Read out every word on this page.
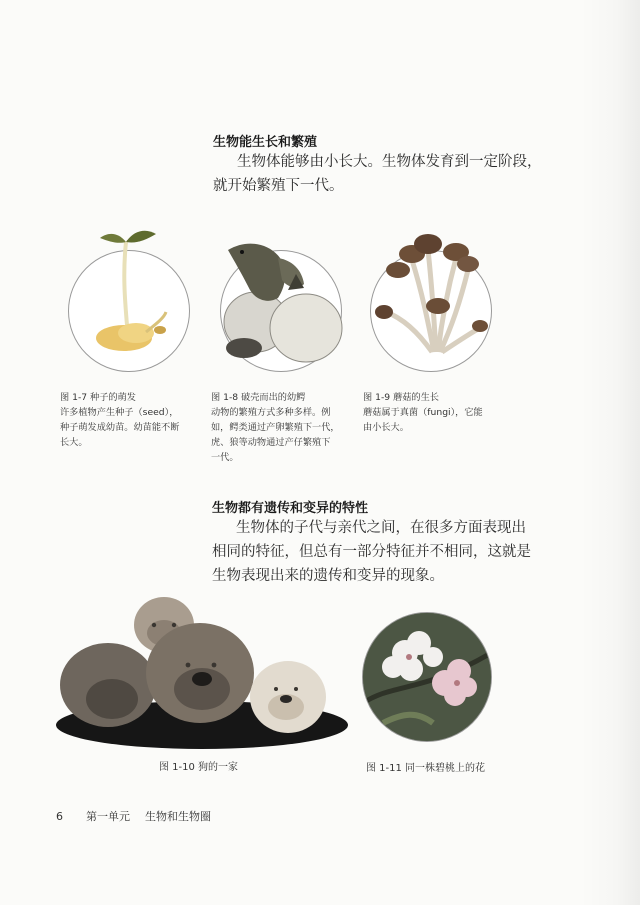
生物能生长和繁殖
生物体能够由小长大。生物体发育到一定阶段，
就开始繁殖下一代。
图 1-7 种子的萌发
许多植物产生种子（seed），
种子萌发成幼苗。幼苗能不断
长大。
图 1-8 破壳而出的幼鳄
动物的繁殖方式多种多样。例
如，鳄类通过产卵繁殖下一代，
虎、狼等动物通过产仔繁殖下
一代。
图 1-9 蘑菇的生长
蘑菇属于真菌（fungi），它能
由小长大。
生物都有遗传和变异的特性
生物体的子代与亲代之间，在很多方面表现出
相同的特征，但总有一部分特征并不相同，这就是
生物表现出来的遗传和变异的现象。
图 1-10 狗的一家	图 1-11 同一株碧桃上的花
6 第一单元 生物和生物圈
